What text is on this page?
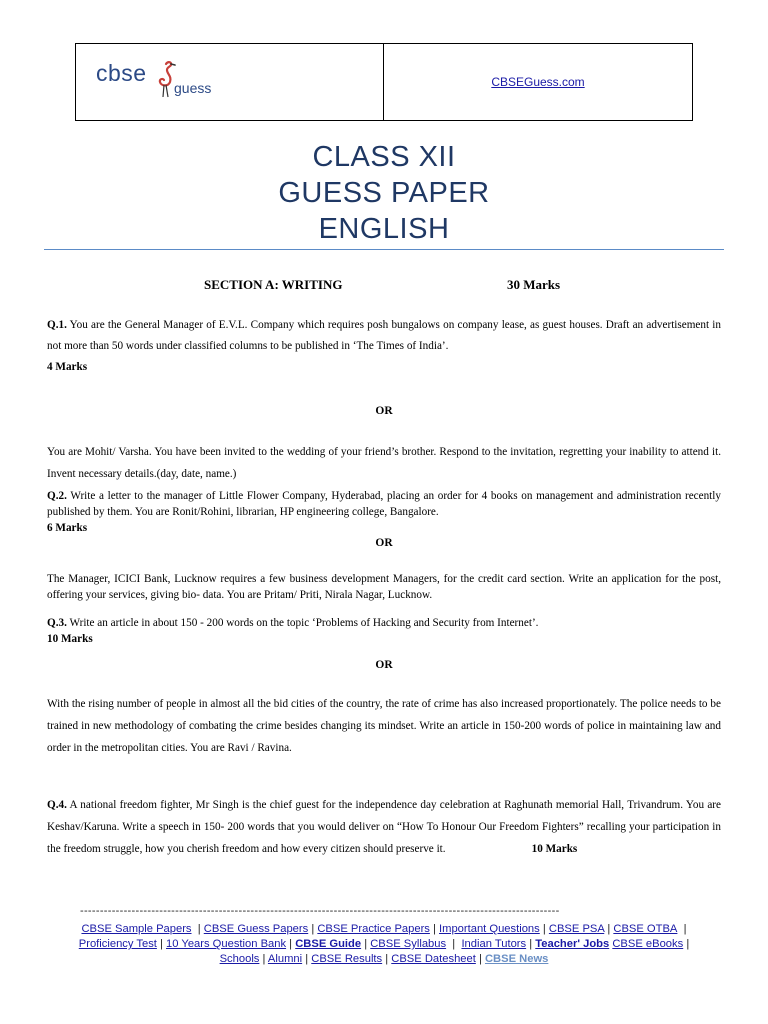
cbse
guess	CBSEGuess.com
CLASS XII
GUESS PAPER
ENGLISH
SECTION A: WRITING	30 Marks
Q.1. You are the General Manager of E.V.L. Company which requires posh bungalows on company lease, as guest houses. Draft an advertisement in not more than 50 words under classified columns to be published in ‘The Times of India’.
4 Marks
OR
You are Mohit/ Varsha. You have been invited to the wedding of your friend’s brother. Respond to the invitation, regretting your inability to attend it. Invent necessary details.(day, date, name.)
Q.2. Write a letter to the manager of Little Flower Company, Hyderabad, placing an order for 4 books on management and administration recently published by them. You are Ronit/Rohini, librarian, HP engineering college, Bangalore.
6 Marks
OR
The Manager, ICICI Bank, Lucknow requires a few business development Managers, for the credit card section. Write an application for the post, offering your services, giving bio- data. You are Pritam/ Priti, Nirala Nagar, Lucknow.
Q.3. Write an article in about 150 - 200 words on the topic ‘Problems of Hacking and Security from Internet’.
10 Marks
OR
With the rising number of people in almost all the bid cities of the country, the rate of crime has also increased proportionately. The police needs to be trained in new methodology of combating the crime besides changing its mindset. Write an article in 150-200 words of police in maintaining law and order in the metropolitan cities. You are Ravi / Ravina.
Q.4. A national freedom fighter, Mr Singh is the chief guest for the independence day celebration at Raghunath memorial Hall, Trivandrum. You are Keshav/Karuna. Write a speech in 150- 200 words that you would deliver on “How To Honour Our Freedom Fighters” recalling your participation in the freedom struggle, how you cherish freedom and how every citizen should preserve it.	10 Marks
-------------------------------------------------------------------------------------------------------------------------
CBSE Sample Papers  | CBSE Guess Papers | CBSE Practice Papers | Important Questions | CBSE PSA | CBSE OTBA  |
Proficiency Test | 10 Years Question Bank | CBSE Guide | CBSE Syllabus  |  Indian Tutors | Teacher' Jobs CBSE eBooks |
Schools | Alumni | CBSE Results | CBSE Datesheet | CBSE News
